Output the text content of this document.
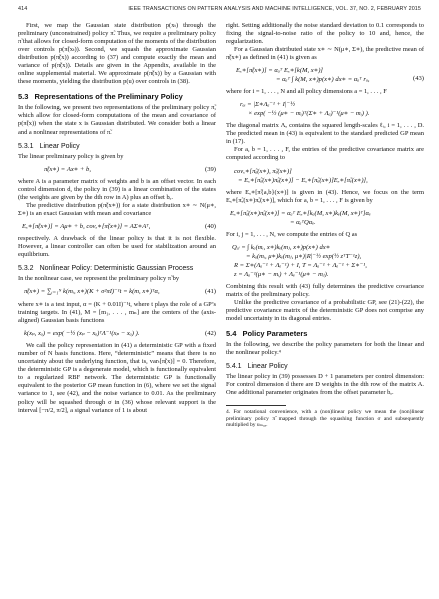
414	IEEE TRANSACTIONS ON PATTERN ANALYSIS AND MACHINE INTELLIGENCE, VOL. 37, NO. 2, FEBRUARY 2015

First, we map the Gaussian state distribution p(xₜ) through the preliminary (unconstrained) policy π̃. Thus, we require a preliminary policy π̃ that allows for closed-form computation of the moments of the distribution over controls p(π̃(xₜ)). Second, we squash the approximate Gaussian distribution p(π̃(x)) according to (37) and compute exactly the mean and variance of p(π̃(x)). Details are given in the Appendix, available in the online supplemental material. We approximate p(π̃(x)) by a Gaussian with these moments, yielding the distribution p(u) over controls in (38).

5.3 Representations of the Preliminary Policy

In the following, we present two representations of the preliminary policy π̃, which allow for closed-form computations of the mean and covariance of p(π̃(x)) when the state x is Gaussian distributed. We consider both a linear and a nonlinear representations of π̃.

5.3.1 Linear Policy

The linear preliminary policy is given by

π̃(x∗) = Ax∗ + b,	(39)

where A is a parameter matrix of weights and b is an offset vector. In each control dimension d, the policy in (39) is a linear combination of the states (the weights are given by the dth row in A) plus an offset bₑ.

The predictive distribution p(π̃(x∗)) for a state distribution x∗ ∼ N(μ∗, Σ∗) is an exact Gaussian with mean and covariance

Eₓ∗[π̃(x∗)] = Aμ∗ + b, covₓ∗[π̃(x∗)] = AΣ∗Aᵀ,	(40)

respectively. A drawback of the linear policy is that it is not flexible. However, a linear controller can often be used for stabilization around an equilibrium.

5.3.2 Nonlinear Policy: Deterministic Gaussian Process

In the nonlinear case, we represent the preliminary policy π̃ by

π̃(x∗) = ∑ᵢ₌₁ᴺ k(mᵢ, x∗)(K + σ²πI)⁻¹t = k(m, x∗)ᵀα,	(41)

where x∗ is a test input, α = (K + 0.01I)⁻¹t, where t plays the role of a GP’s training targets. In (41), M = [m₁, . . . , mₙ] are the centers of the (axis-aligned) Gaussian basis functions

k(xₚ, xₐ) = exp( −½ (xₚ − xₐ)ᵀΛ⁻¹(xₚ − xₐ) ).	(42)

We call the policy representation in (41) a deterministic GP with a fixed number of N basis functions. Here, “deterministic” means that there is no uncertainty about the underlying function, that is, varₜ[π̃(x)] = 0. Therefore, the deterministic GP is a degenerate model, which is functionally equivalent to a regularized RBF network. The deterministic GP is functionally equivalent to the posterior GP mean function in (6), where we set the signal variance to 1, see (42), and the noise variance to 0.01. As the preliminary policy will be squashed through σ in (36) whose relevant support is the interval [−π/2, π/2], a signal variance of 1 is about

right. Setting additionally the noise standard deviation to 0.1 corresponds to fixing the signal-to-noise ratio of the policy to 10 and, hence, the regularization.

For a Gaussian distributed state x∗ ∼ N(μ∗, Σ∗), the predictive mean of π̃(x∗) as defined in (41) is given as

Eₓ∗[π̃(x∗)] = αₐᵀ Eₓ∗[k(M, x∗)]
= αₐᵀ ∫ k(M, x∗)p(x∗) dx∗ = αₐᵀ rₐ,	(43)

where for i = 1, . . . , N and all policy dimensions a = 1, . . . , F

rₐᵢ = |Σ∗Λₐ⁻¹ + I|⁻½
× exp( −½ (μ∗ − mᵢ)ᵀ(Σ∗ + Λₐ)⁻¹(μ∗ − mᵢ) ).

The diagonal matrix Λₐ contains the squared length-scales ℓᵢ, i = 1, . . . , D. The predicted mean in (43) is equivalent to the standard predicted GP mean in (17).

For a, b = 1, . . . , F, the entries of the predictive covariance matrix are computed according to

covₓ∗[π̃ₐ(x∗), π̃ₑ(x∗)]
= Eₓ∗[π̃ₐ(x∗)π̃ₑ(x∗)] − Eₓ∗[π̃ₐ(x∗)]Eₓ∗[π̃ₑ(x∗)],

where Eₓ∗[π̃{a,b}(x∗)] is given in (43). Hence, we focus on the term Eₓ∗[π̃ₐ(x∗)π̃ₑ(x∗)], which for a, b = 1, . . . , F is given by

Eₓ∗[π̃ₐ(x∗)π̃ₑ(x∗)] = αₐᵀ Eₓ∗[kₐ(M, x∗)kₑ(M, x∗)ᵀ]αₑ
= αₐᵀQαₑ.

For i, j = 1, . . . , N, we compute the entries of Q as

Qᵢⱼ = ∫ kₐ(mᵢ, x∗)kₑ(mⱼ, x∗)p(x∗) dx∗
= kₐ(mᵢ, μ∗)kₑ(mⱼ, μ∗)|R|⁻½ exp(½ zᵀT⁻¹z),
R = Σ∗(Λₐ⁻¹ + Λₑ⁻¹) + I, T = Λₐ⁻¹ + Λₑ⁻¹ + Σ∗⁻¹,
z = Λₐ⁻¹(μ∗ − mᵢ) + Λₑ⁻¹(μ∗ − mⱼ).

Combining this result with (43) fully determines the predictive covariance matrix of the preliminary policy.

Unlike the predictive covariance of a probabilistic GP, see (21)-(22), the predictive covariance matrix of the deterministic GP does not comprise any model uncertainty in its diagonal entries.

5.4 Policy Parameters

In the following, we describe the policy parameters for both the linear and the nonlinear policy.⁴

5.4.1 Linear Policy

The linear policy in (39) possesses D + 1 parameters per control dimension: For control dimension d there are D weights in the dth row of the matrix A. One additional parameter originates from the offset parameter bₑ.

4. For notational convenience, with a (non)linear policy we mean the (non)linear preliminary policy π̃ mapped through the squashing function σ and subsequently multiplied by uₘₐₓ.
